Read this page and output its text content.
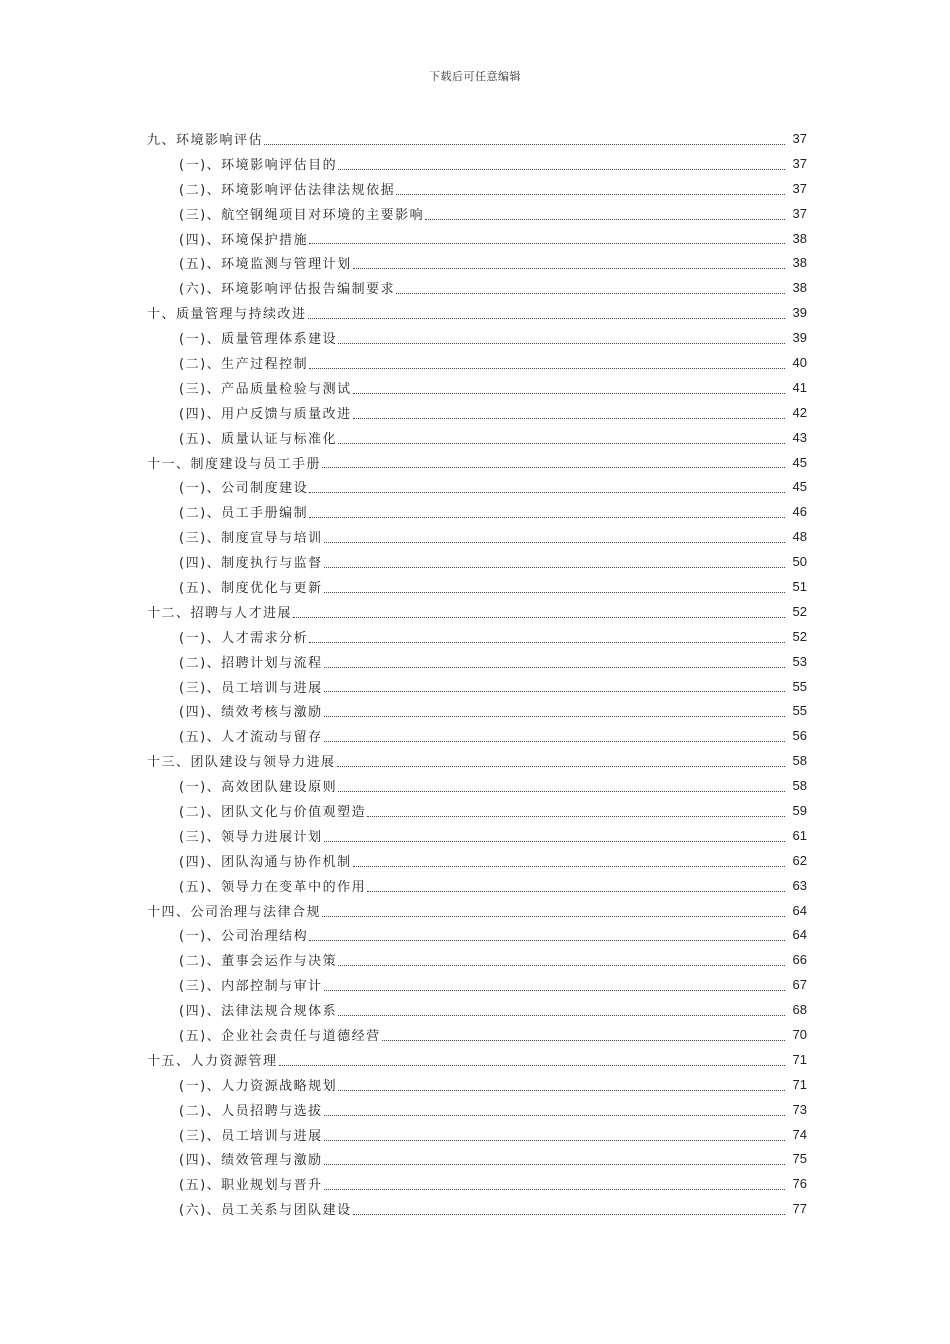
下载后可任意编辑
九、环境影响评估	37
(一)、环境影响评估目的	37
(二)、环境影响评估法律法规依据	37
(三)、航空钢绳项目对环境的主要影响	37
(四)、环境保护措施	38
(五)、环境监测与管理计划	38
(六)、环境影响评估报告编制要求	38
十、质量管理与持续改进	39
(一)、质量管理体系建设	39
(二)、生产过程控制	40
(三)、产品质量检验与测试	41
(四)、用户反馈与质量改进	42
(五)、质量认证与标准化	43
十一、制度建设与员工手册	45
(一)、公司制度建设	45
(二)、员工手册编制	46
(三)、制度宣导与培训	48
(四)、制度执行与监督	50
(五)、制度优化与更新	51
十二、招聘与人才进展	52
(一)、人才需求分析	52
(二)、招聘计划与流程	53
(三)、员工培训与进展	55
(四)、绩效考核与激励	55
(五)、人才流动与留存	56
十三、团队建设与领导力进展	58
(一)、高效团队建设原则	58
(二)、团队文化与价值观塑造	59
(三)、领导力进展计划	61
(四)、团队沟通与协作机制	62
(五)、领导力在变革中的作用	63
十四、公司治理与法律合规	64
(一)、公司治理结构	64
(二)、董事会运作与决策	66
(三)、内部控制与审计	67
(四)、法律法规合规体系	68
(五)、企业社会责任与道德经营	70
十五、人力资源管理	71
(一)、人力资源战略规划	71
(二)、人员招聘与选拔	73
(三)、员工培训与进展	74
(四)、绩效管理与激励	75
(五)、职业规划与晋升	76
(六)、员工关系与团队建设	77
